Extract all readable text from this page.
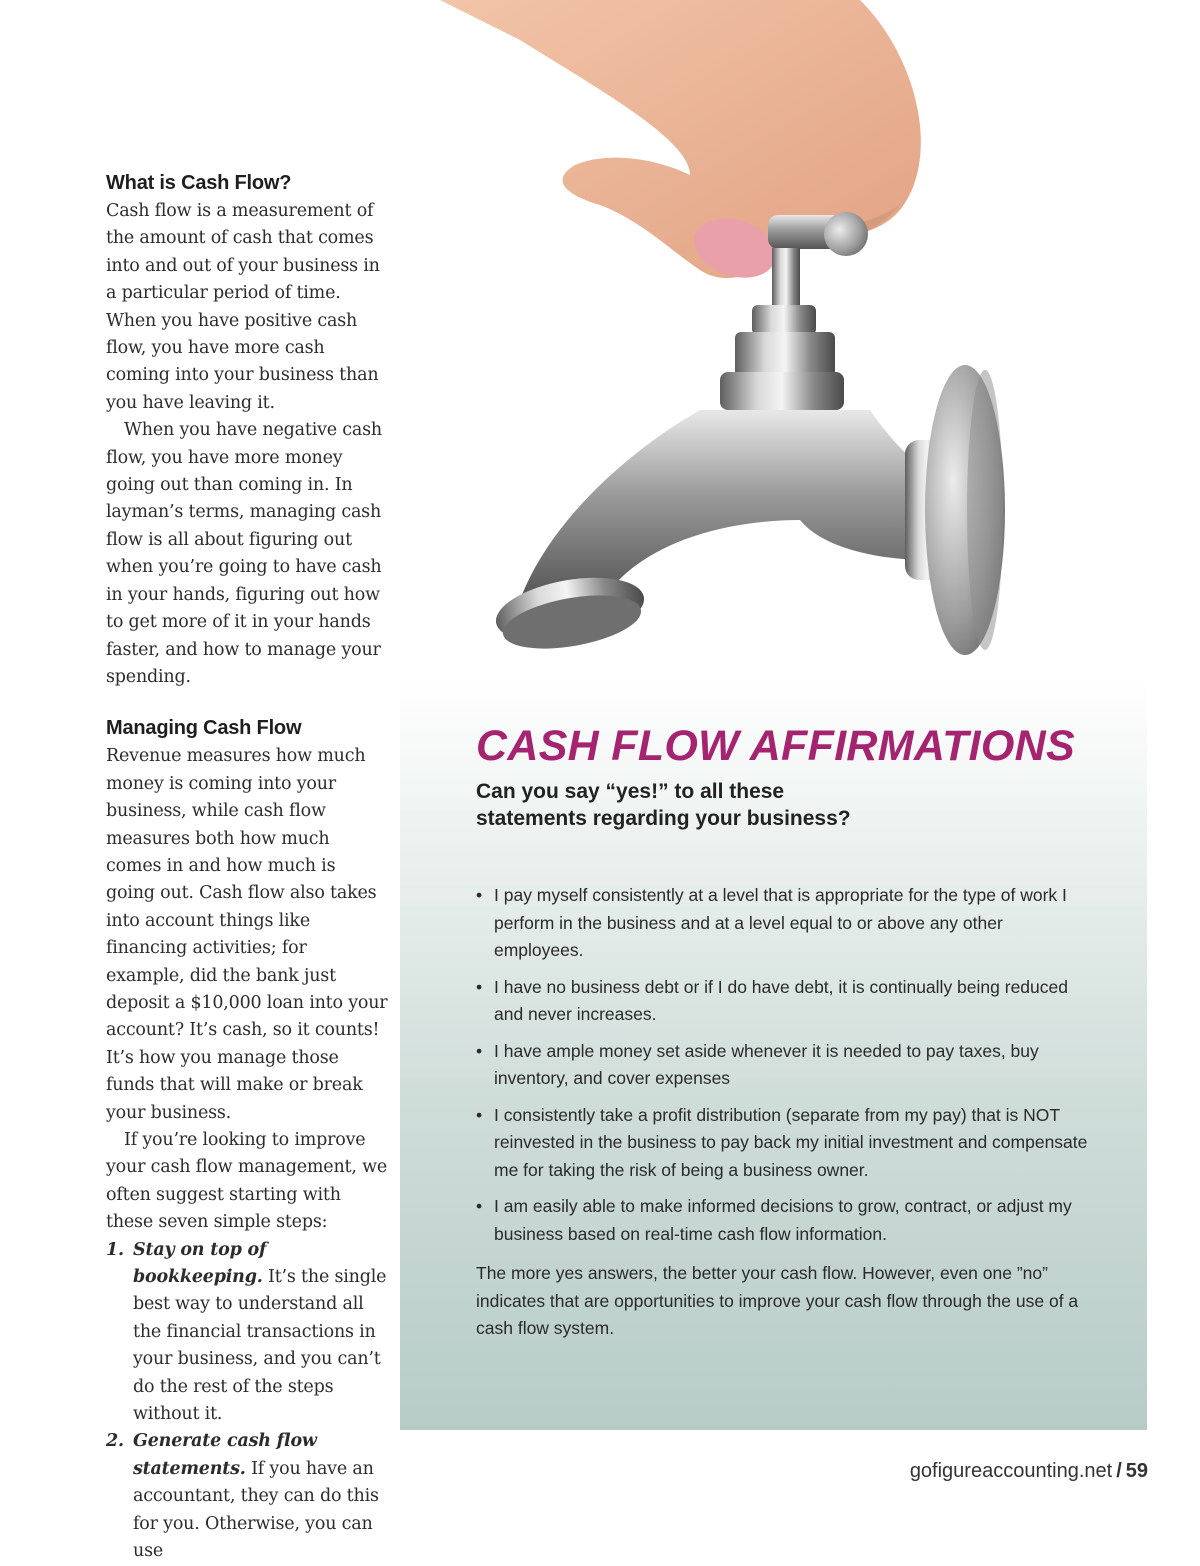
What is Cash Flow?

Cash flow is a measurement of the amount of cash that comes into and out of your business in a particular period of time. When you have positive cash flow, you have more cash coming into your business than you have leaving it.

When you have negative cash flow, you have more money going out than coming in. In layman’s terms, managing cash flow is all about figuring out when you’re going to have cash in your hands, figuring out how to get more of it in your hands faster, and how to manage your spending.

Managing Cash Flow

Revenue measures how much money is coming into your business, while cash flow measures both how much comes in and how much is going out. Cash flow also takes into account things like financing activities; for example, did the bank just deposit a $10,000 loan into your account? It’s cash, so it counts! It’s how you manage those funds that will make or break your business.

If you’re looking to improve your cash flow management, we often suggest starting with these seven simple steps:

1. Stay on top of bookkeeping. It’s the single best way to understand all the financial transactions in your business, and you can’t do the rest of the steps without it.
2. Generate cash flow statements. If you have an accountant, they can do this for you. Otherwise, you can use
CASH FLOW AFFIRMATIONS
Can you say “yes!” to all these
statements regarding your business?
• I pay myself consistently at a level that is appropriate for the type of work I perform in the business and at a level equal to or above any other employees.
• I have no business debt or if I do have debt, it is continually being reduced and never increases.
• I have ample money set aside whenever it is needed to pay taxes, buy inventory, and cover expenses
• I consistently take a profit distribution (separate from my pay) that is NOT reinvested in the business to pay back my initial investment and compensate me for taking the risk of being a business owner.
• I am easily able to make informed decisions to grow, contract, or adjust my business based on real-time cash flow information.

The more yes answers, the better your cash flow. However, even one ”no” indicates that are opportunities to improve your cash flow through the use of a cash flow system.

gofigureaccounting.net / 59
